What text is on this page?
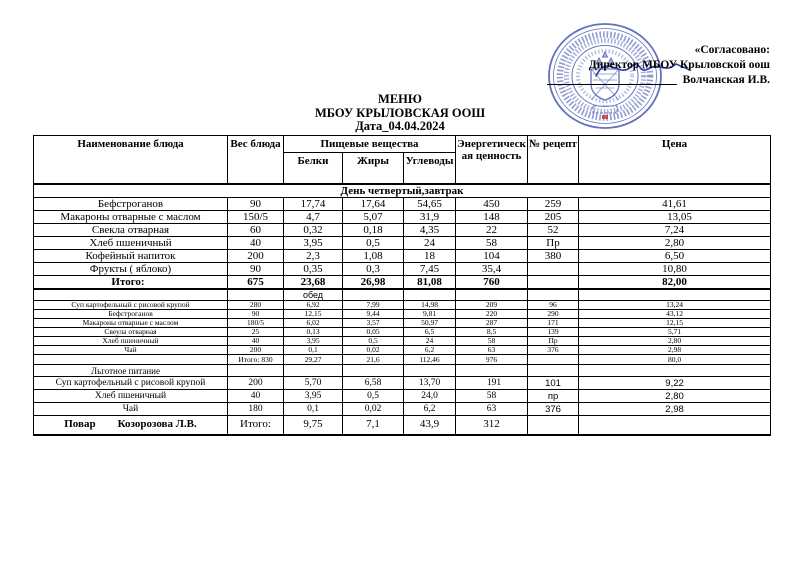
«Согласовано:
Директор МБОУ Крыловской оош
Волчанская И.В.
МЕНЮ
МБОУ КРЫЛОВСКАЯ ООШ
Дата_04.04.2024
Наименование блюда	Вес блюда	Пищевые вещества			Энергетическая ценность	№ рецепт	Цена
		Белки	Жиры	Углеводы			
День четвертый,завтрак							
Бефстроганов	90	17,74	17,64	54,65	450	259	41,61
Макароны отварные с маслом	150/5	4,7	5,07	31,9	148	205	13,05
Свекла отварная	60	0,32	0,18	4,35	22	52	7,24
Хлеб пшеничный	40	3,95	0,5	24	58	Пр	2,80
Кофейный напиток	200	2,3	1,08	18	104	380	6,50
Фрукты ( яблоко)	90	0,35	0,3	7,45	35,4		10,80
Итого:	675	23,68	26,98	81,08	760		82,00
		обед					
Суп картофельный с рисовой крупой	280	6,92	7,99	14,98	209	96	13,24
Бефстроганов	90	12,15	9,44	9,81	220	290	43,12
Макароны отварные с маслом	180/5	6,02	3,57	50,97	287	171	12,15
Свеула отварная	25	0,13	0,05	6,5	8,5	139	5,71
Хлеб пшеничный	40	3,95	0,5	24	58	Пр	2,80
Чай	200	0,1	0,02	6,2	63	376	2,98
	Итого: 830	29,27	21,6	112,46	976		80,0
Льготное питание							
Суп картофельный с рисовой крупой	200	5,70	6,58	13,70	191	101	9,22
Хлеб пшеничный	40	3,95	0,5	24,0	58	пр	2,80
Чай	180	0,1	0,02	6,2	63	376	2,98
Повар Козорозова Л.В.	Итого:	9,75	7,1	43,9	312		
